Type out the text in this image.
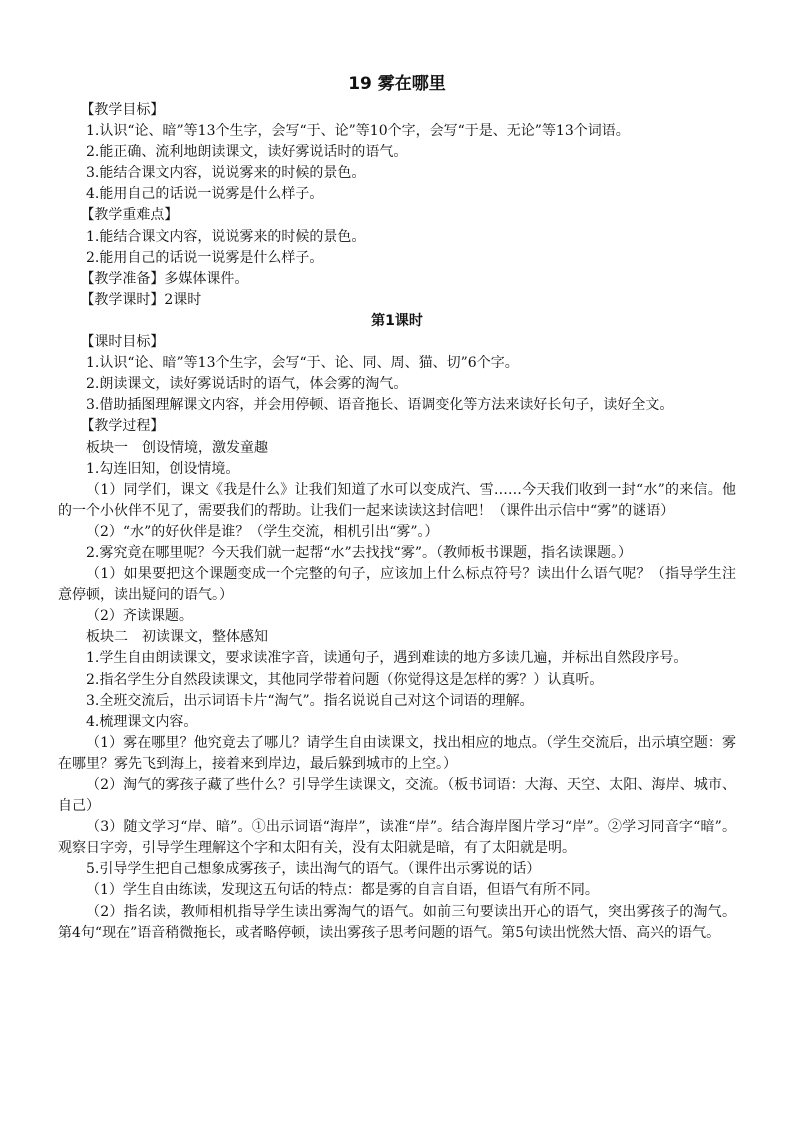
19 雾在哪里

【教学目标】

1.认识“论、暗”等13个生字，会写“于、论”等10个字，会写“于是、无论”等13个词语。

2.能正确、流利地朗读课文，读好雾说话时的语气。

3.能结合课文内容，说说雾来的时候的景色。

4.能用自己的话说一说雾是什么样子。

【教学重难点】

1.能结合课文内容，说说雾来的时候的景色。

2.能用自己的话说一说雾是什么样子。

【教学准备】多媒体课件。

【教学课时】2课时

第1课时

【课时目标】

1.认识“论、暗”等13个生字，会写“于、论、同、周、猫、切”6个字。

2.朗读课文，读好雾说话时的语气，体会雾的淘气。

3.借助插图理解课文内容，并会用停顿、语音拖长、语调变化等方法来读好长句子，读好全文。

【教学过程】

板块一　创设情境，激发童趣

1.勾连旧知，创设情境。

（1）同学们，课文《我是什么》让我们知道了水可以变成汽、雪……今天我们收到一封“水”的来信。他的一个小伙伴不见了，需要我们的帮助。让我们一起来读读这封信吧！（课件出示信中“雾”的谜语）

（2）“水”的好伙伴是谁？（学生交流，相机引出“雾”。）

2.雾究竟在哪里呢？今天我们就一起帮“水”去找找“雾”。（教师板书课题，指名读课题。）

（1）如果要把这个课题变成一个完整的句子，应该加上什么标点符号？读出什么语气呢？（指导学生注意停顿，读出疑问的语气。）

（2）齐读课题。

板块二　初读课文，整体感知

1.学生自由朗读课文，要求读准字音，读通句子，遇到难读的地方多读几遍，并标出自然段序号。

2.指名学生分自然段读课文，其他同学带着问题（你觉得这是怎样的雾？）认真听。

3.全班交流后，出示词语卡片“淘气”。指名说说自己对这个词语的理解。

4.梳理课文内容。

（1）雾在哪里？他究竟去了哪儿？请学生自由读课文，找出相应的地点。（学生交流后，出示填空题：雾在哪里？雾先飞到海上，接着来到岸边，最后躲到城市的上空。）

（2）淘气的雾孩子藏了些什么？引导学生读课文，交流。（板书词语：大海、天空、太阳、海岸、城市、自己）

（3）随文学习“岸、暗”。①出示词语“海岸”，读准“岸”。结合海岸图片学习“岸”。②学习同音字“暗”。观察日字旁，引导学生理解这个字和太阳有关，没有太阳就是暗，有了太阳就是明。

5.引导学生把自己想象成雾孩子，读出淘气的语气。（课件出示雾说的话）

（1）学生自由练读，发现这五句话的特点：都是雾的自言自语，但语气有所不同。

（2）指名读，教师相机指导学生读出雾淘气的语气。如前三句要读出开心的语气，突出雾孩子的淘气。第4句“现在”语音稍微拖长，或者略停顿，读出雾孩子思考问题的语气。第5句读出恍然大悟、高兴的语气。
